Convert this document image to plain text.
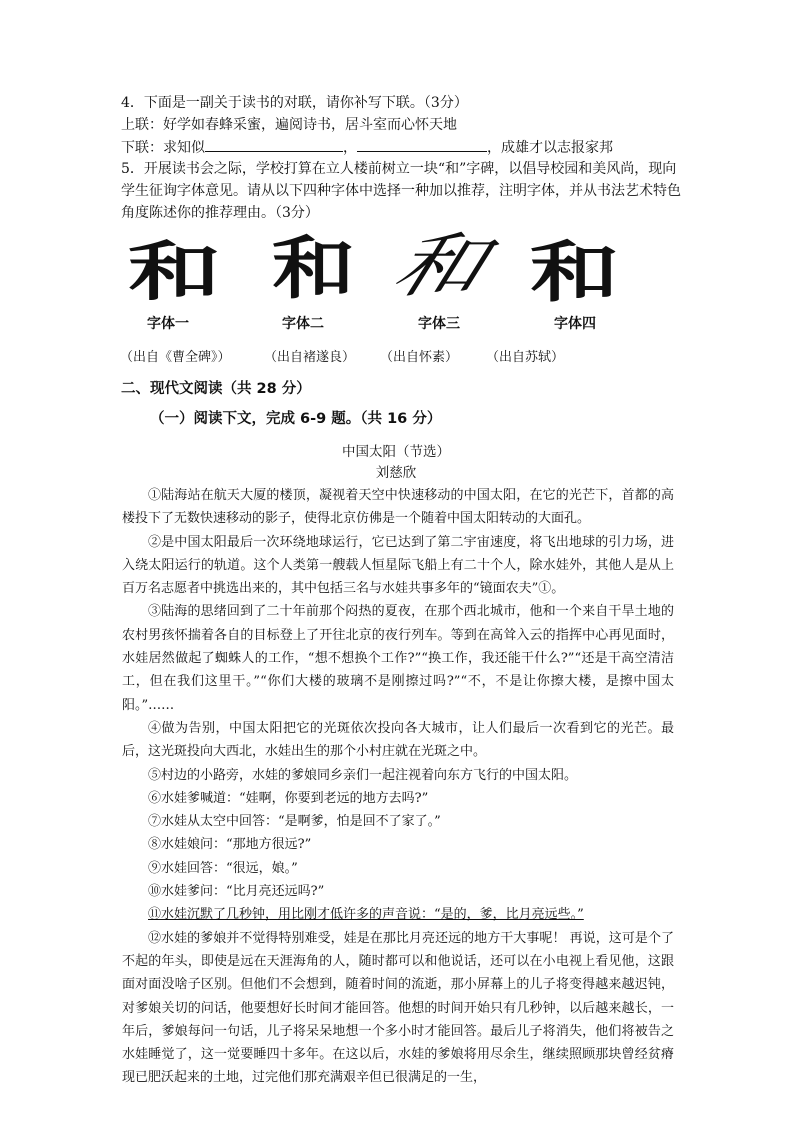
4．下面是一副关于读书的对联，请你补写下联。（3分）
上联：好学如春蜂采蜜，遍阅诗书，居斗室而心怀天地
下联：求知似	，	，成雄才以志报家邦
5．开展读书会之际，学校打算在立人楼前树立一块“和”字碑，以倡导校园和美风尚，现向
学生征询字体意见。请从以下四种字体中选择一种加以推荐，注明字体，并从书法艺术特色
角度陈述你的推荐理由。（3分）
和 和 和 和
字体一	字体二	字体三	字体四
（出自《曹全碑》）	（出自褚遂良） （出自怀素） （出自苏轼）
二、现代文阅读（共 28 分）
（一）阅读下文，完成 6-9 题。（共 16 分）
中国太阳（节选）
刘慈欣

①陆海站在航天大厦的楼顶，凝视着天空中快速移动的中国太阳，在它的光芒下，首都的高楼投下了无数快速移动的影子，使得北京仿佛是一个随着中国太阳转动的大面孔。

②是中国太阳最后一次环绕地球运行，它已达到了第二宇宙速度，将飞出地球的引力场，进入绕太阳运行的轨道。这个人类第一艘载人恒星际飞船上有二十个人，除水娃外，其他人是从上百万名志愿者中挑选出来的，其中包括三名与水娃共事多年的“镜面农夫”①。

③陆海的思绪回到了二十年前那个闷热的夏夜，在那个西北城市，他和一个来自干旱土地的农村男孩怀揣着各自的目标登上了开往北京的夜行列车。等到在高耸入云的指挥中心再见面时，水娃居然做起了蜘蛛人的工作，“想不想换个工作?”“换工作，我还能干什么?”“还是干高空清洁工，但在我们这里干。”“你们大楼的玻璃不是刚擦过吗?”“不，不是让你擦大楼，是擦中国太阳。”……

④做为告别，中国太阳把它的光斑依次投向各大城市，让人们最后一次看到它的光芒。最后，这光斑投向大西北，水娃出生的那个小村庄就在光斑之中。

⑤村边的小路旁，水娃的爹娘同乡亲们一起注视着向东方飞行的中国太阳。

⑥水娃爹喊道：“娃啊，你要到老远的地方去吗?”

⑦水娃从太空中回答：“是啊爹，怕是回不了家了。”

⑧水娃娘问：“那地方很远?”

⑨水娃回答：“很远，娘。”

⑩水娃爹问：“比月亮还远吗?”

⑪水娃沉默了几秒钟，用比刚才低许多的声音说：“是的，爹，比月亮远些。”

⑫水娃的爹娘并不觉得特别难受，娃是在那比月亮还远的地方干大事呢！ 再说，这可是个了不起的年头，即使是远在天涯海角的人，随时都可以和他说话，还可以在小电视上看见他，这跟面对面没啥子区别。但他们不会想到，随着时间的流逝，那小屏幕上的儿子将变得越来越迟钝，对爹娘关切的问话，他要想好长时间才能回答。他想的时间开始只有几秒钟，以后越来越长，一年后，爹娘每问一句话，儿子将呆呆地想一个多小时才能回答。最后儿子将消失，他们将被告之水娃睡觉了，这一觉要睡四十多年。在这以后，水娃的爹娘将用尽余生，继续照顾那块曾经贫瘠现已肥沃起来的土地，过完他们那充满艰辛但已很满足的一生，
